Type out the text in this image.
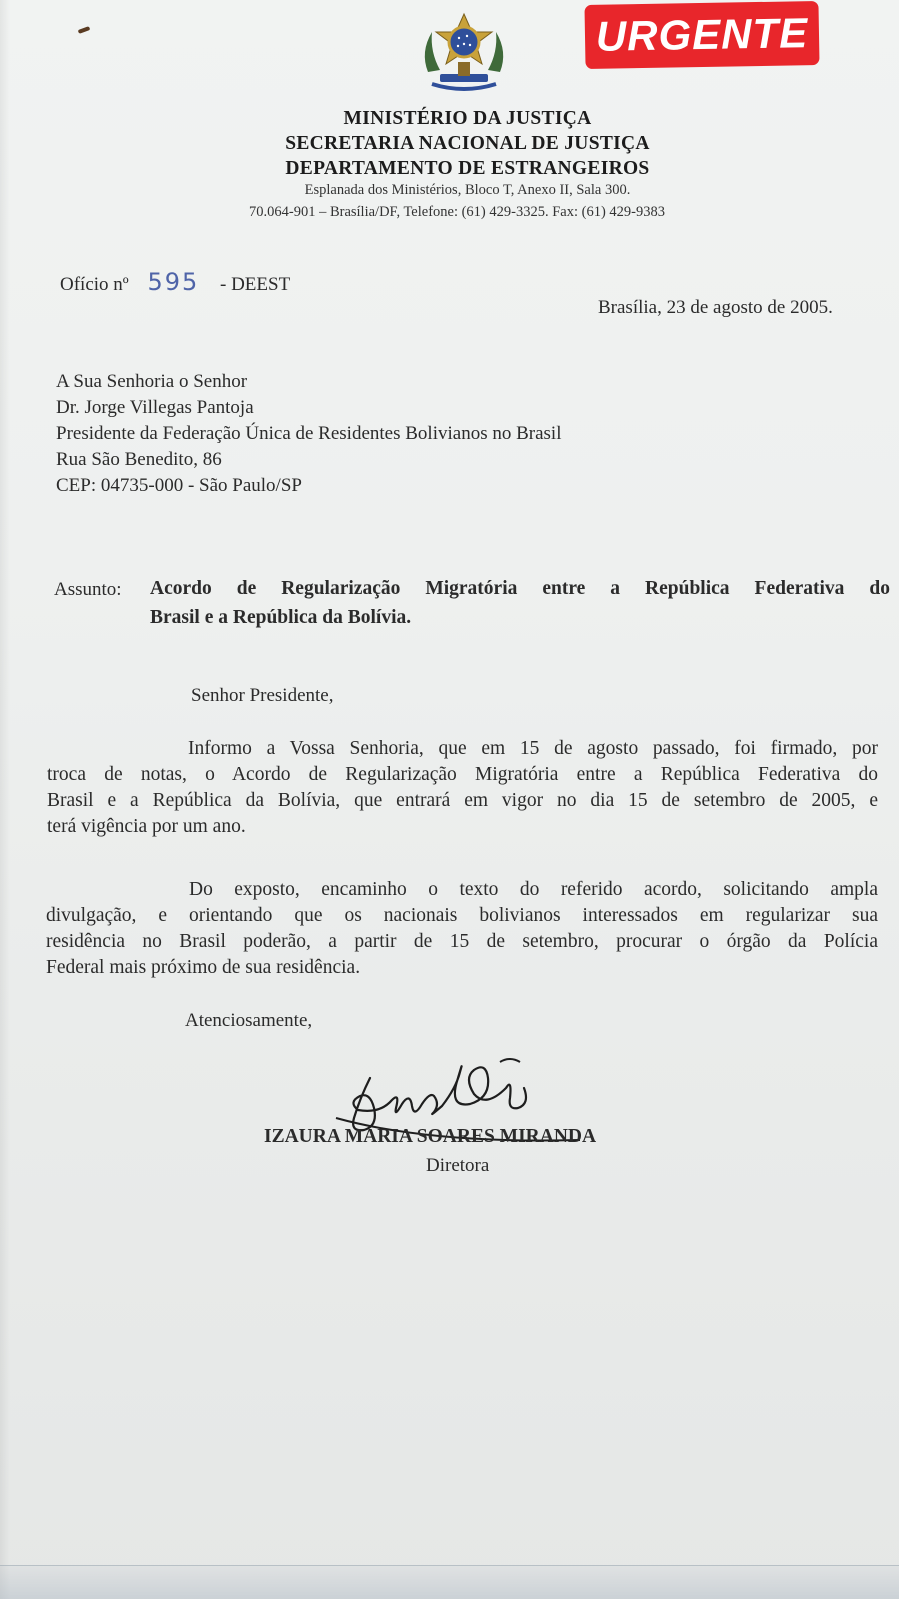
URGENTE
MINISTÉRIO DA JUSTIÇA
SECRETARIA NACIONAL DE JUSTIÇA
DEPARTAMENTO DE ESTRANGEIROS
Esplanada dos Ministérios, Bloco T, Anexo II, Sala 300.
70.064-901 – Brasília/DF, Telefone: (61) 429-3325. Fax: (61) 429-9383
Ofício nº 595 - DEEST
Brasília, 23 de agosto de 2005.
A Sua Senhoria o Senhor
Dr. Jorge Villegas Pantoja
Presidente da Federação Única de Residentes Bolivianos no Brasil
Rua São Benedito, 86
CEP: 04735-000 - São Paulo/SP
Assunto: Acordo de Regularização Migratória entre a República Federativa do
Brasil e a República da Bolívia.
Senhor Presidente,
Informo a Vossa Senhoria, que em 15 de agosto passado, foi firmado, por
troca de notas, o Acordo de Regularização Migratória entre a República Federativa do
Brasil e a República da Bolívia, que entrará em vigor no dia 15 de setembro de 2005, e
terá vigência por um ano.
Do exposto, encaminho o texto do referido acordo, solicitando ampla
divulgação, e orientando que os nacionais bolivianos interessados em regularizar sua
residência no Brasil poderão, a partir de 15 de setembro, procurar o órgão da Polícia
Federal mais próximo de sua residência.
Atenciosamente,
IZAURA MARIA SOARES MIRANDA
Diretora
